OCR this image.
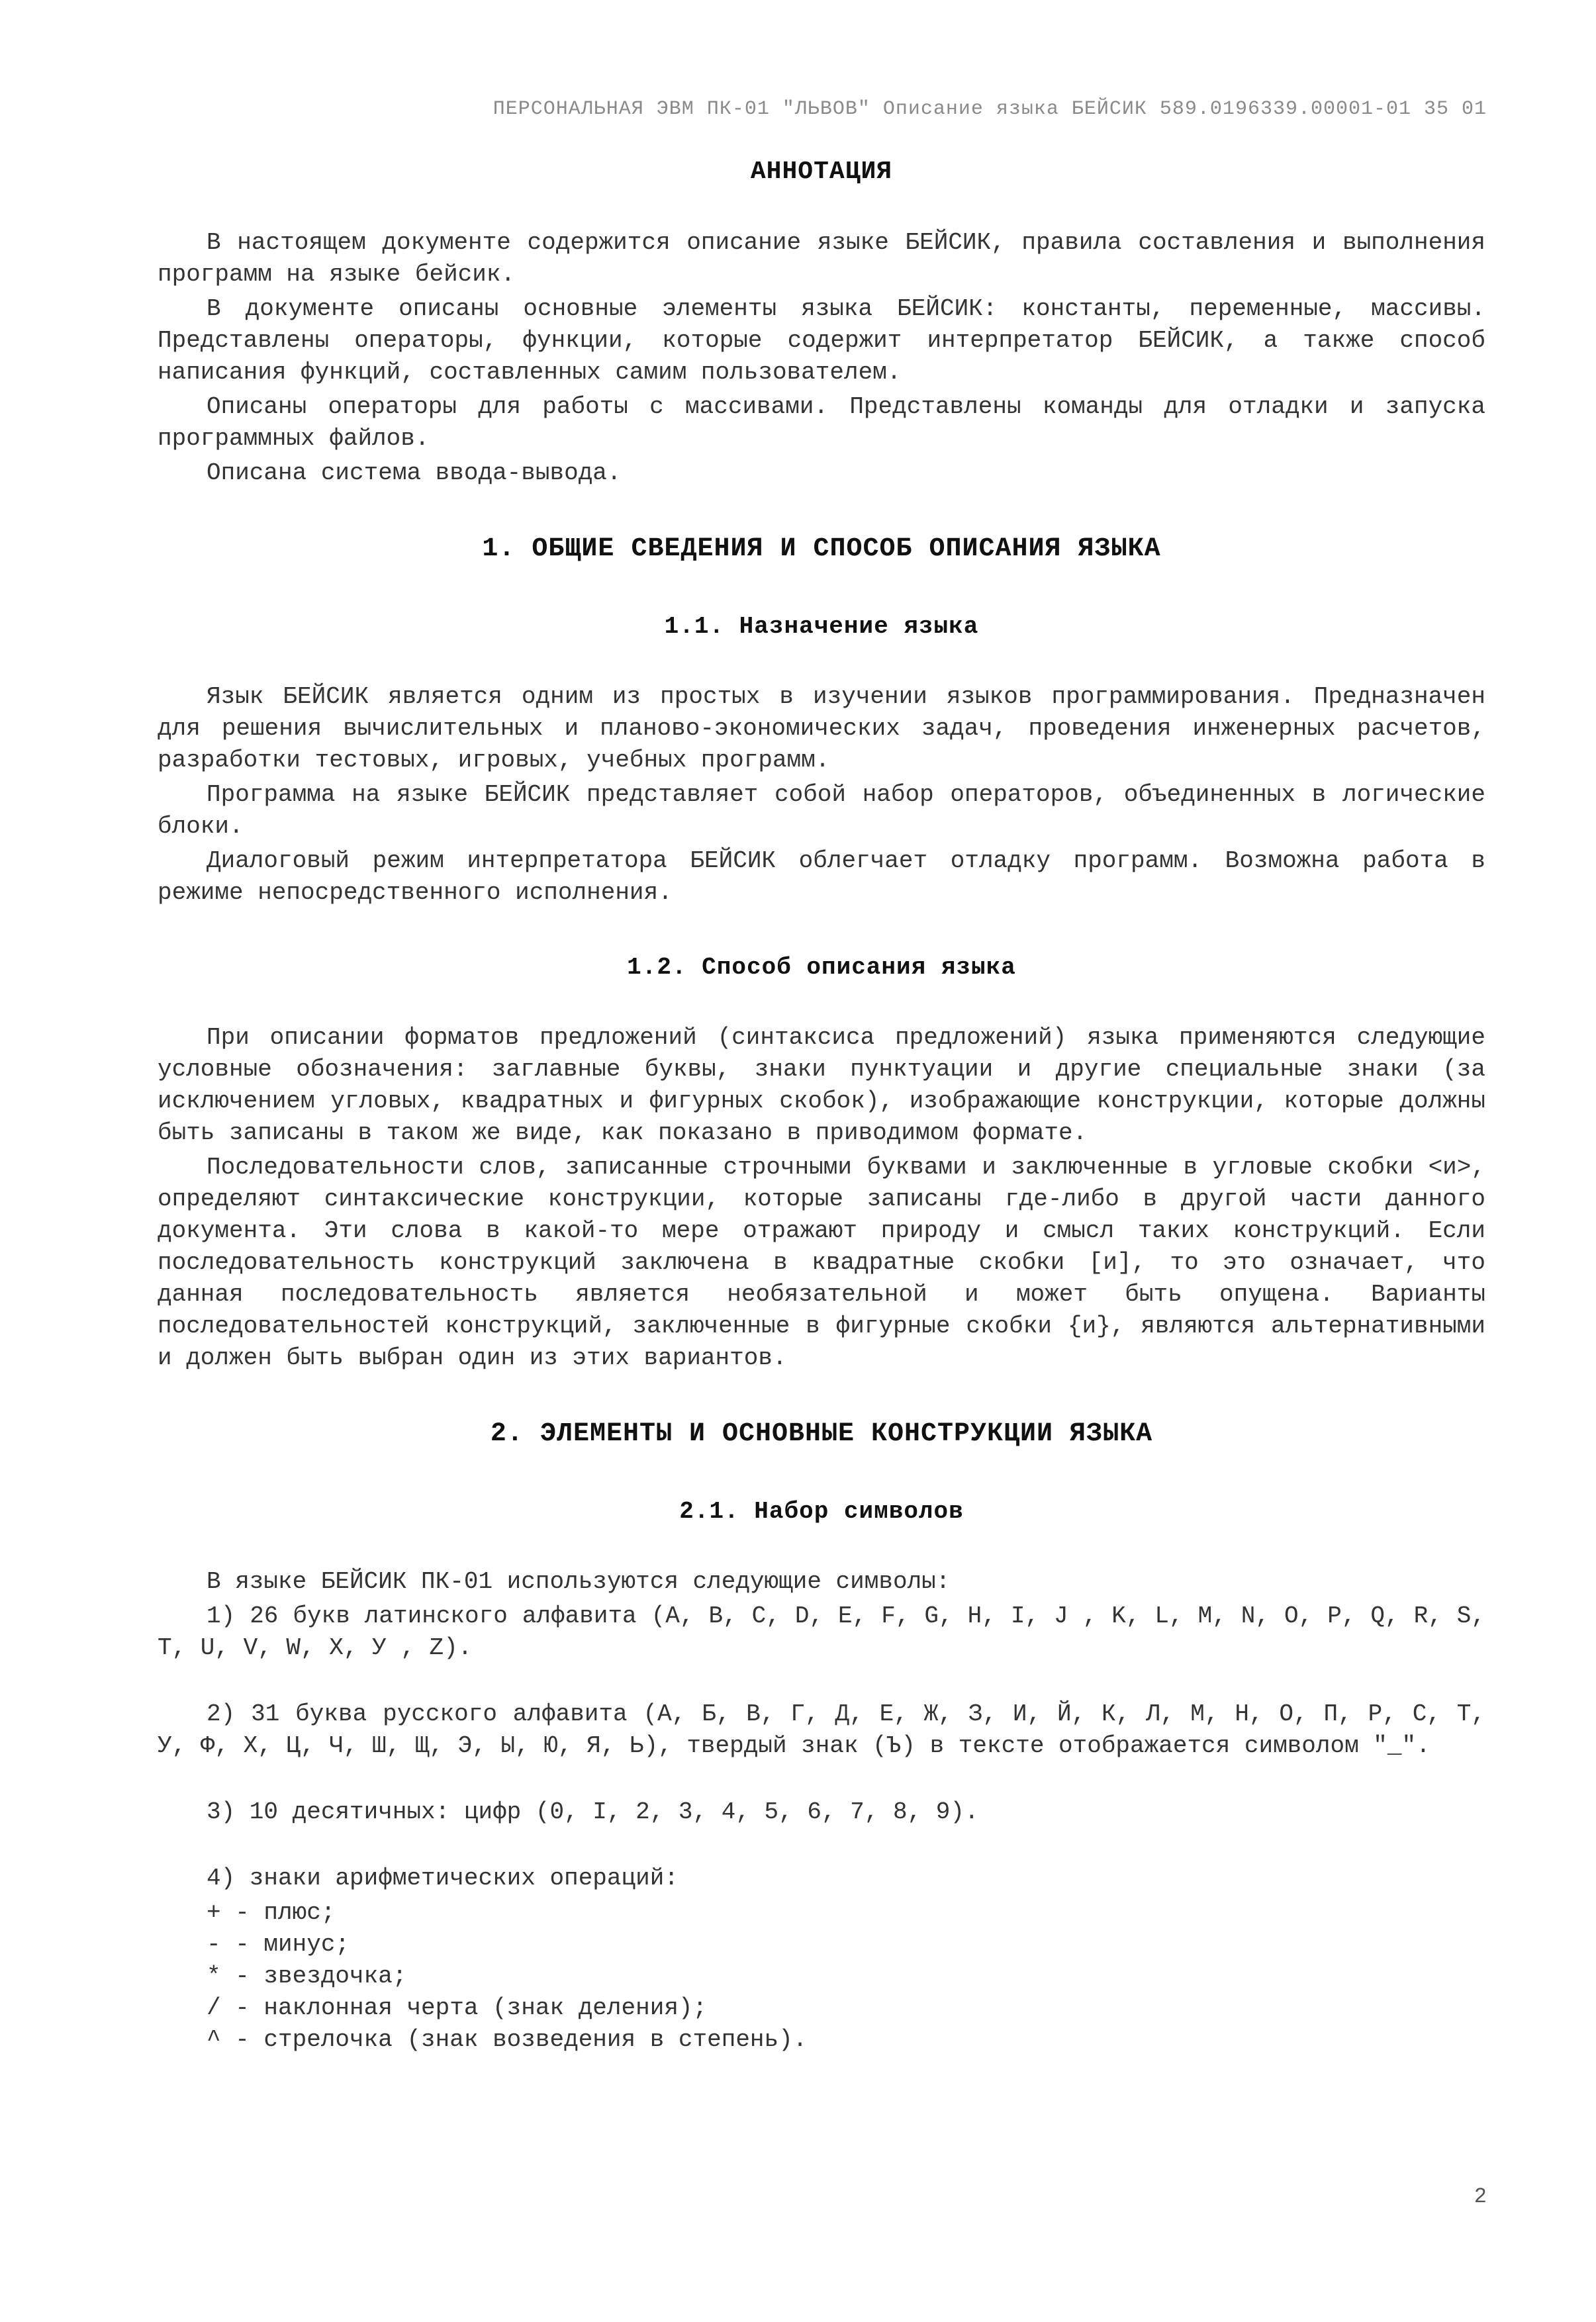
ПЕРСОНАЛЬНАЯ ЭВМ ПК-01 "ЛЬВОВ" Описание языка БЕЙСИК 589.0196339.00001-01 35 01
АННОТАЦИЯ

В настоящем документе содержится описание языке БЕЙСИК, правила составления и выполнения программ на языке бейсик.

В документе описаны основные элементы языка БЕЙСИК: константы, переменные, массивы. Представлены операторы, функции, которые содержит интерпретатор БЕЙСИК, а также способ написания функций, составленных самим пользователем.

Описаны операторы для работы с массивами. Представлены команды для отладки и запуска программных файлов.

Описана система ввода-вывода.

1. ОБЩИЕ СВЕДЕНИЯ И СПОСОБ ОПИСАНИЯ ЯЗЫКА
1.1. Назначение языка

Язык БЕЙСИК является одним из простых в изучении языков программирования. Предназначен для решения вычислительных и планово-экономических задач, проведения инженерных расчетов, разработки тестовых, игровых, учебных программ.

Программа на языке БЕЙСИК представляет собой набор операторов, объединенных в логические блоки.

Диалоговый режим интерпретатора БЕЙСИК облегчает отладку программ. Возможна работа в режиме непосредственного исполнения.

1.2. Способ описания языка

При описании форматов предложений (синтаксиса предложений) языка применяются следующие условные обозначения: заглавные буквы, знаки пунктуации и другие специальные знаки (за исключением угловых, квадратных и фигурных скобок), изображающие конструкции, которые должны быть записаны в таком же виде, как показано в приводимом формате.

Последовательности слов, записанные строчными буквами и заключенные в угловые скобки <и>, определяют синтаксические конструкции, которые записаны где-либо в другой части данного документа. Эти слова в какой-то мере отражают природу и смысл таких конструкций. Если последовательность конструкций заключена в квадратные скобки [и], то это означает, что данная последовательность является необязательной и может быть опущена. Варианты последовательностей конструкций, заключенные в фигурные скобки {и}, являются альтернативными и должен быть выбран один из этих вариантов.

2. ЭЛЕМЕНТЫ И ОСНОВНЫЕ КОНСТРУКЦИИ ЯЗЫКА
2.1. Набор символов

В языке БЕЙСИК ПК-01 используются следующие символы:

1) 26 букв латинского алфавита (A, B, C, D, E, F, G, H, I, J , K, L, M, N, O, P, Q, R, S, T, U, V, W, X, У , Z).

2) 31 буква русского алфавита (А, Б, В, Г, Д, Е, Ж, З, И, Й, К, Л, М, Н, О, П, Р, С, Т, У, Ф, Х, Ц, Ч, Ш, Щ, Э, Ы, Ю, Я, Ь), твердый знак (Ъ) в тексте отображается символом "_".

3) 10 десятичных: цифр (0, I, 2, 3, 4, 5, 6, 7, 8, 9).

4) знаки арифметических операций:

+ - плюс;
- - минус;
* - звездочка;
/ - наклонная черта (знак деления);
^ - стрелочка (знак возведения в степень).
2
